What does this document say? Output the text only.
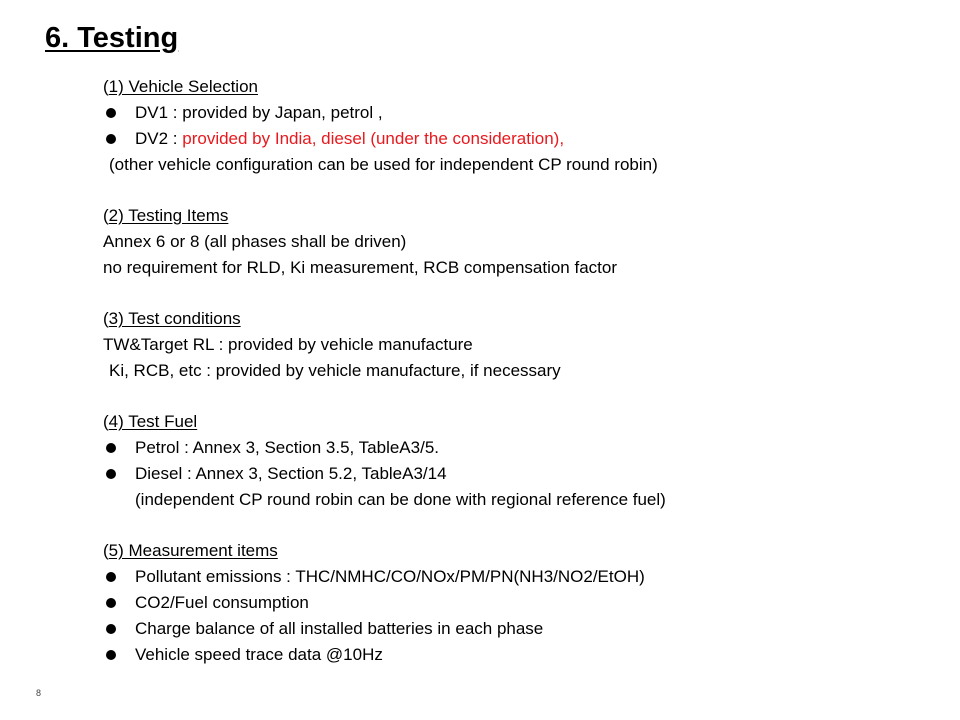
6. Testing
(1) Vehicle Selection
DV1 : provided by Japan, petrol ,
DV2 : provided by India, diesel (under the consideration),
(other vehicle configuration can be used for independent CP round robin)
(2) Testing Items
Annex 6 or 8 (all phases shall be driven)
no requirement for RLD, Ki measurement, RCB compensation factor
(3) Test conditions
TW&Target RL : provided by vehicle manufacture
Ki, RCB, etc : provided by vehicle manufacture, if necessary
(4) Test Fuel
Petrol : Annex 3, Section 3.5, TableA3/5.
Diesel : Annex 3, Section 5.2, TableA3/14
(independent CP round robin can be done with regional reference fuel)
(5) Measurement items
Pollutant emissions : THC/NMHC/CO/NOx/PM/PN(NH3/NO2/EtOH)
CO2/Fuel consumption
Charge balance of all installed batteries in each phase
Vehicle speed trace data @10Hz
8
